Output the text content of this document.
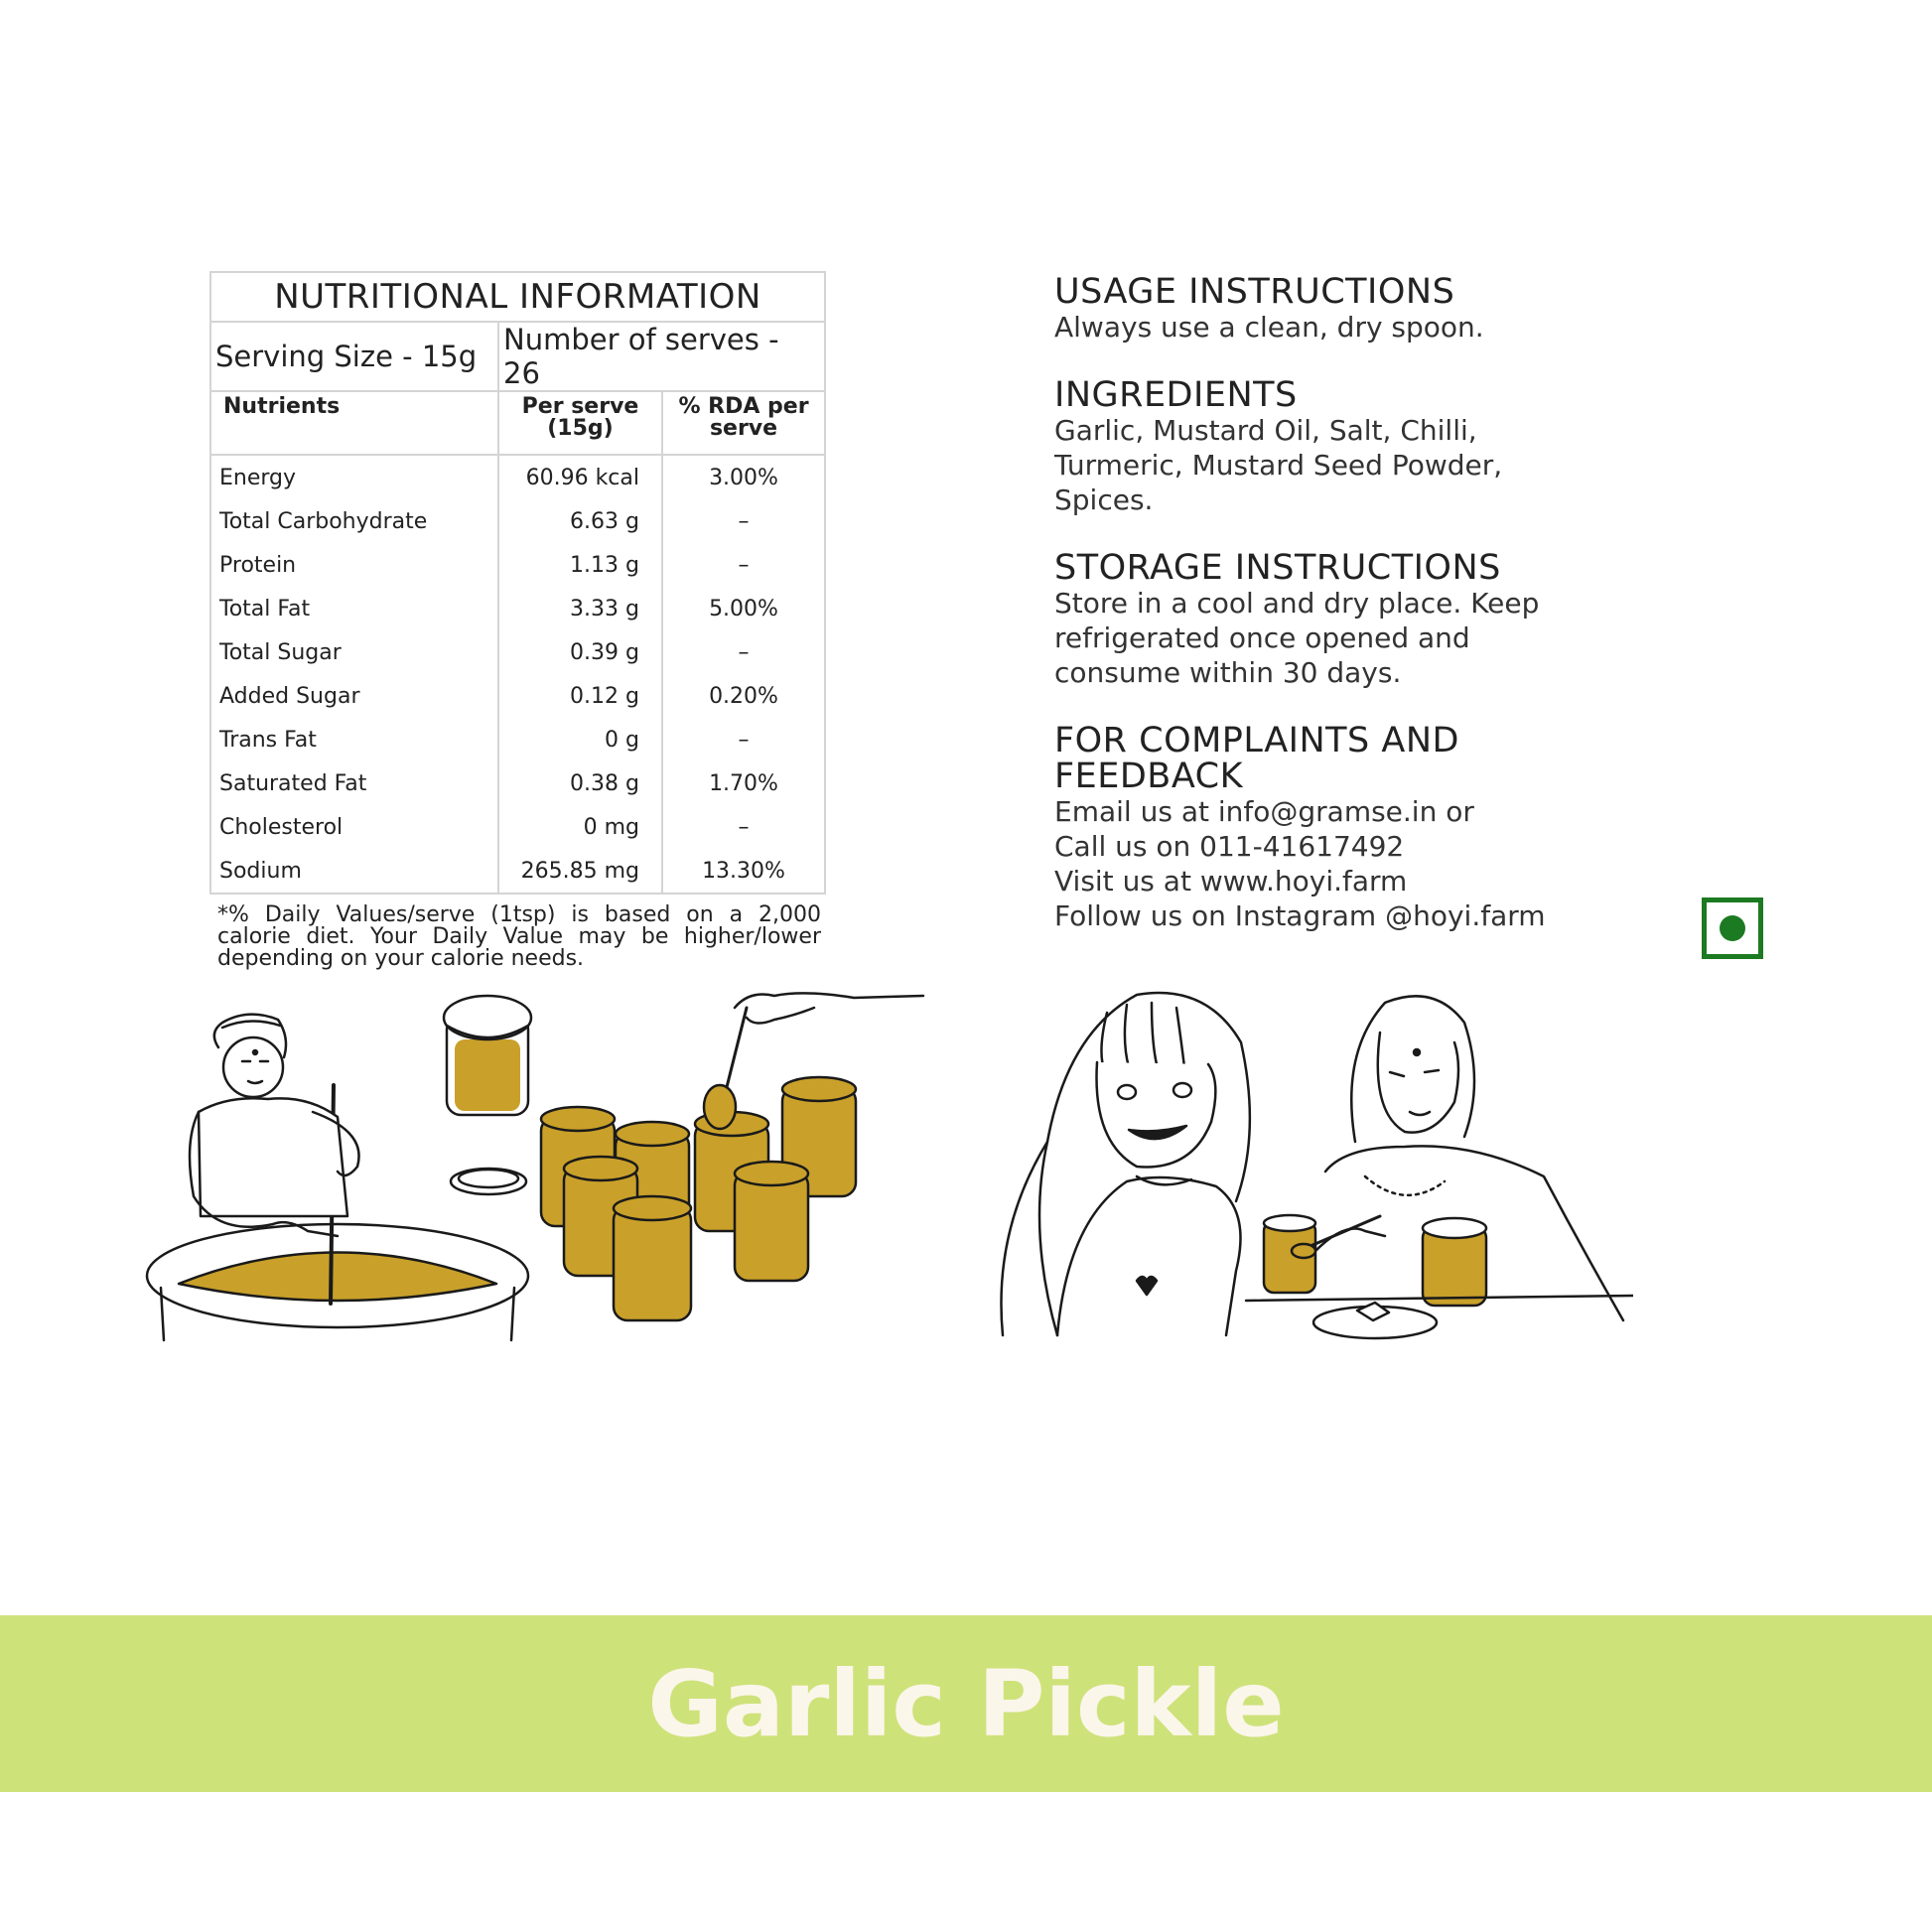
NUTRITIONAL INFORMATION		
Serving Size - 15g	Number of serves - 26	
Nutrients	Per serve (15g)	% RDA per serve
Energy	60.96 kcal	3.00%
Total Carbohydrate	6.63 g	–
Protein	1.13 g	–
Total Fat	3.33 g	5.00%
Total Sugar	0.39 g	–
Added Sugar	0.12 g	0.20%
Trans Fat	0 g	–
Saturated Fat	0.38 g	1.70%
Cholesterol	0 mg	–
Sodium	265.85 mg	13.30%
*% Daily Values/serve (1tsp) is based on a 2,000 calorie diet. Your Daily Value may be higher/lower depending on your calorie needs.
USAGE INSTRUCTIONS
Always use a clean, dry spoon.
INGREDIENTS
Garlic, Mustard Oil, Salt, Chilli,
Turmeric, Mustard Seed Powder,
Spices.
STORAGE INSTRUCTIONS
Store in a cool and dry place. Keep
refrigerated once opened and
consume within 30 days.
FOR COMPLAINTS AND
FEEDBACK
Email us at info@gramse.in or
Call us on 011-41617492
Visit us at www.hoyi.farm
Follow us on Instagram @hoyi.farm
Garlic Pickle
